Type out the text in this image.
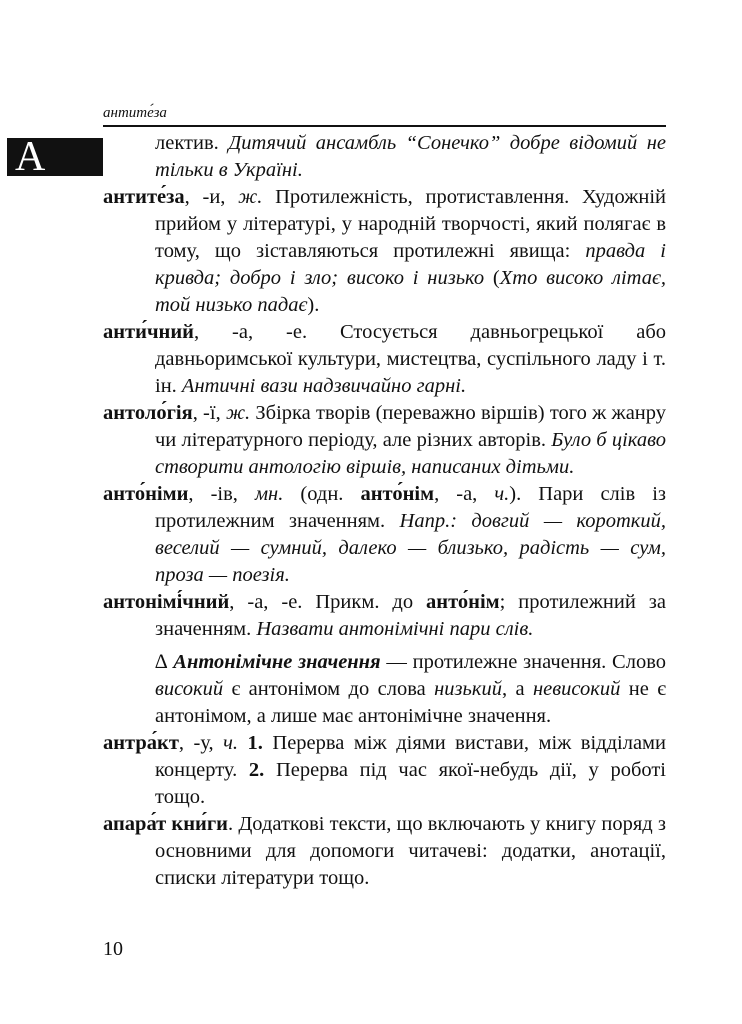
антите́за
А	лектив. Дитячий ансамбль “Сонечко” добре відомий не тільки в Україні.

антите́за, -и, ж. Протилежність, протиставлення. Художній прийом у літературі, у народній творчості, який полягає в тому, що зіставляються протилежні явища: правда і кривда; добро і зло; високо і низько (Хто високо літає, той низько падає).

анти́чний, -а, -е. Стосується давньогрецької або давньоримської культури, мистецтва, суспільного ладу і т. ін. Античні вази надзвичайно гарні.

антоло́гія, -ї, ж. Збірка творів (переважно віршів) того ж жанру чи літературного періоду, але різних авторів. Було б цікаво створити антологію віршів, написаних дітьми.

анто́німи, -ів, мн. (одн. анто́нім, -а, ч.). Пари слів із протилежним значенням. Напр.: довгий — короткий, веселий — сумний, далеко — близько, радість — сум, проза — поезія.

антонімі́чний, -а, -е. Прикм. до анто́нім; протилежний за значенням. Назвати антонімічні пари слів.

∆ Антонімічне значення — протилежне значення. Слово високий є антонімом до слова низький, а невисокий не є антонімом, а лише має антонімічне значення.

антра́кт, -у, ч. 1. Перерва між діями вистави, між відділами концерту. 2. Перерва під час якої-небудь дії, у роботі тощо.

апара́т кни́ги. Додаткові тексти, що включають у книгу поряд з основними для допомоги читачеві: додатки, анотації, списки літератури тощо.

10
